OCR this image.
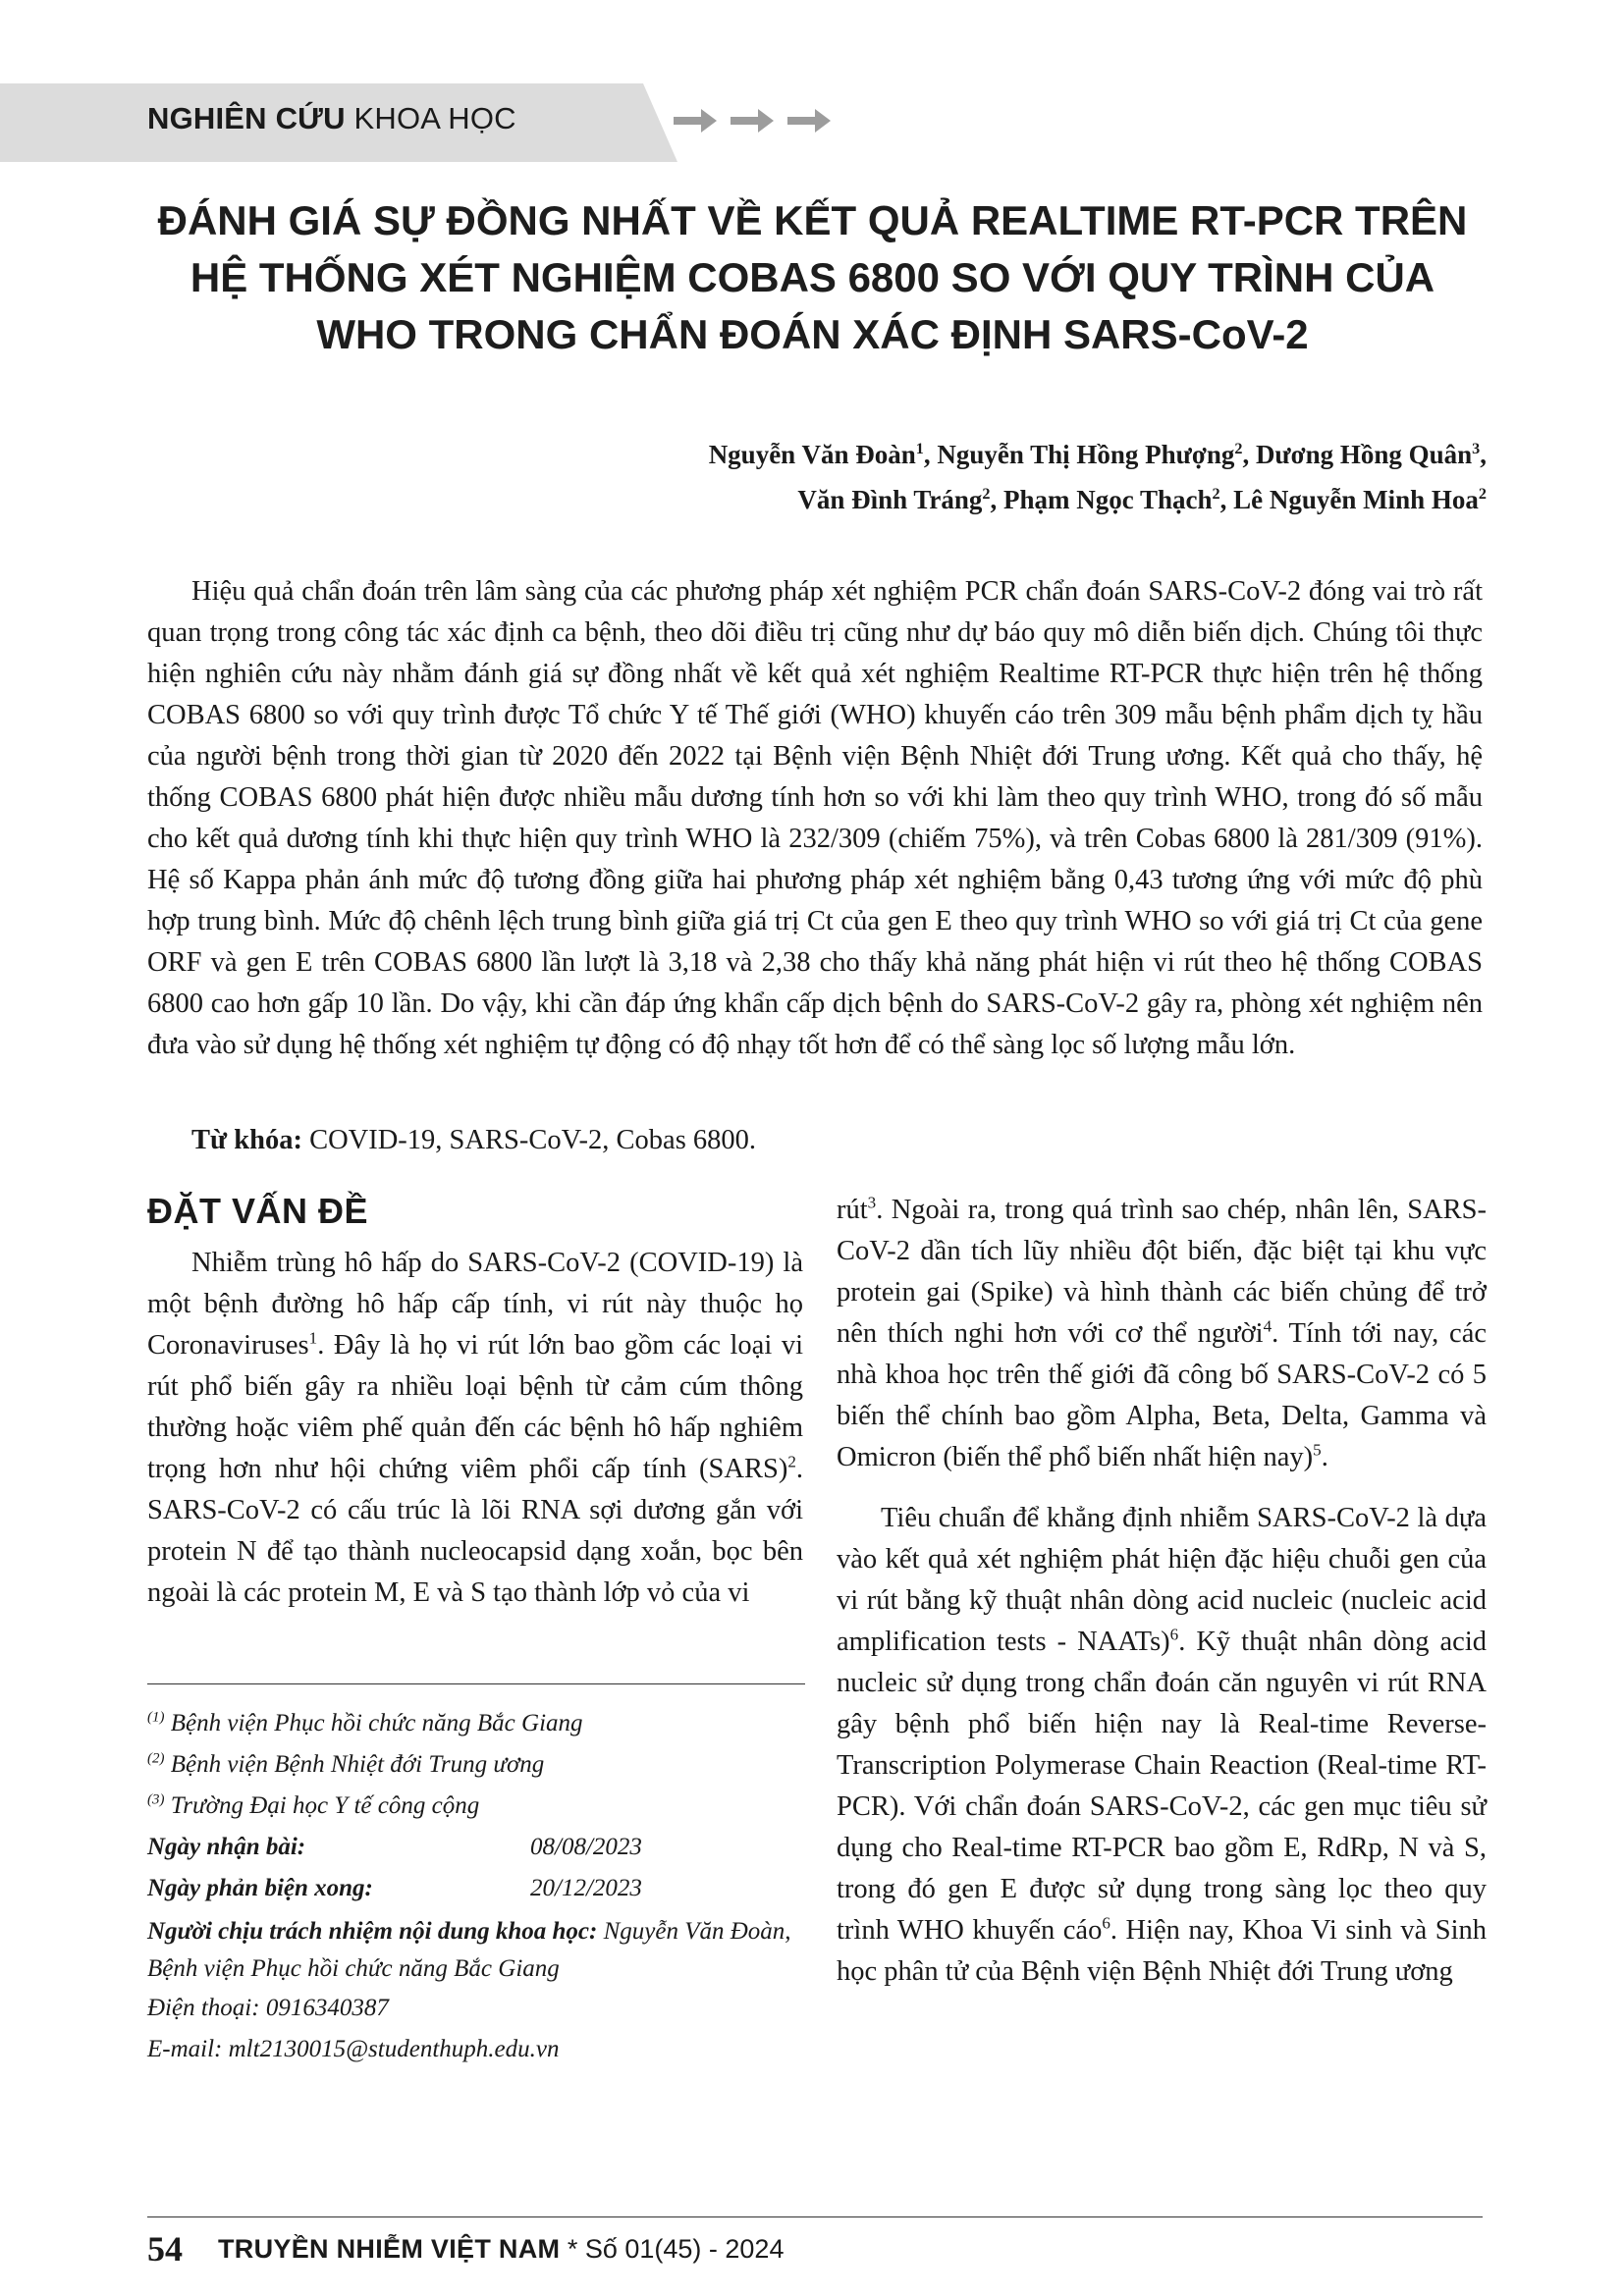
NGHIÊN CỨU KHOA HỌC
ĐÁNH GIÁ SỰ ĐỒNG NHẤT VỀ KẾT QUẢ REALTIME RT-PCR TRÊN
HỆ THỐNG XÉT NGHIỆM COBAS 6800 SO VỚI QUY TRÌNH CỦA
WHO TRONG CHẨN ĐOÁN XÁC ĐỊNH SARS-CoV-2
Nguyễn Văn Đoàn$^1$, Nguyễn Thị Hồng Phượng$^2$, Dương Hồng Quân$^3$,
Văn Đình Tráng$^2$, Phạm Ngọc Thạch$^2$, Lê Nguyễn Minh Hoa$^2$

Hiệu quả chẩn đoán trên lâm sàng của các phương pháp xét nghiệm PCR chẩn đoán SARS-CoV-2 đóng vai trò rất quan trọng trong công tác xác định ca bệnh, theo dõi điều trị cũng như dự báo quy mô diễn biến dịch. Chúng tôi thực hiện nghiên cứu này nhằm đánh giá sự đồng nhất về kết quả xét nghiệm Realtime RT-PCR thực hiện trên hệ thống COBAS 6800 so với quy trình được Tổ chức Y tế Thế giới (WHO) khuyến cáo trên 309 mẫu bệnh phẩm dịch tỵ hầu của người bệnh trong thời gian từ 2020 đến 2022 tại Bệnh viện Bệnh Nhiệt đới Trung ương. Kết quả cho thấy, hệ thống COBAS 6800 phát hiện được nhiều mẫu dương tính hơn so với khi làm theo quy trình WHO, trong đó số mẫu cho kết quả dương tính khi thực hiện quy trình WHO là 232/309 (chiếm 75%), và trên Cobas 6800 là 281/309 (91%). Hệ số Kappa phản ánh mức độ tương đồng giữa hai phương pháp xét nghiệm bằng 0,43 tương ứng với mức độ phù hợp trung bình. Mức độ chênh lệch trung bình giữa giá trị Ct của gen E theo quy trình WHO so với giá trị Ct của gene ORF và gen E trên COBAS 6800 lần lượt là 3,18 và 2,38 cho thấy khả năng phát hiện vi rút theo hệ thống COBAS 6800 cao hơn gấp 10 lần. Do vậy, khi cần đáp ứng khẩn cấp dịch bệnh do SARS-CoV-2 gây ra, phòng xét nghiệm nên đưa vào sử dụng hệ thống xét nghiệm tự động có độ nhạy tốt hơn để có thể sàng lọc số lượng mẫu lớn.

Từ khóa: COVID-19, SARS-CoV-2, Cobas 6800.
ĐẶT VẤN ĐỀ

Nhiễm trùng hô hấp do SARS-CoV-2 (COVID-19) là một bệnh đường hô hấp cấp tính, vi rút này thuộc họ Coronaviruses$^1$. Đây là họ vi rút lớn bao gồm các loại vi rút phổ biến gây ra nhiều loại bệnh từ cảm cúm thông thường hoặc viêm phế quản đến các bệnh hô hấp nghiêm trọng hơn như hội chứng viêm phổi cấp tính (SARS)$^2$. SARS-CoV-2 có cấu trúc là lõi RNA sợi dương gắn với protein N để tạo thành nucleocapsid dạng xoắn, bọc bên ngoài là các protein M, E và S tạo thành lớp vỏ của vi

$^{(1)}$ Bệnh viện Phục hồi chức năng Bắc Giang
$^{(2)}$ Bệnh viện Bệnh Nhiệt đới Trung ương
$^{(3)}$ Trường Đại học Y tế công cộng
Ngày nhận bài:	08/08/2023
Ngày phản biện xong:	20/12/2023
Người chịu trách nhiệm nội dung khoa học: Nguyễn Văn Đoàn, Bệnh viện Phục hồi chức năng Bắc Giang
Điện thoại: 0916340387
E-mail: mlt2130015@studenthuph.edu.vn

rút$^3$. Ngoài ra, trong quá trình sao chép, nhân lên, SARS-CoV-2 dần tích lũy nhiều đột biến, đặc biệt tại khu vực protein gai (Spike) và hình thành các biến chủng để trở nên thích nghi hơn với cơ thể người$^4$. Tính tới nay, các nhà khoa học trên thế giới đã công bố SARS-CoV-2 có 5 biến thể chính bao gồm Alpha, Beta, Delta, Gamma và Omicron (biến thể phổ biến nhất hiện nay)$^5$.

Tiêu chuẩn để khẳng định nhiễm SARS-CoV-2 là dựa vào kết quả xét nghiệm phát hiện đặc hiệu chuỗi gen của vi rút bằng kỹ thuật nhân dòng acid nucleic (nucleic acid amplification tests - NAATs)$^6$. Kỹ thuật nhân dòng acid nucleic sử dụng trong chẩn đoán căn nguyên vi rút RNA gây bệnh phổ biến hiện nay là Real-time Reverse-Transcription Polymerase Chain Reaction (Real-time RT-PCR). Với chẩn đoán SARS-CoV-2, các gen mục tiêu sử dụng cho Real-time RT-PCR bao gồm E, RdRp, N và S, trong đó gen E được sử dụng trong sàng lọc theo quy trình WHO khuyến cáo$^6$. Hiện nay, Khoa Vi sinh và Sinh học phân tử của Bệnh viện Bệnh Nhiệt đới Trung ương

54 TRUYỀN NHIỄM VIỆT NAM * Số 01(45) - 2024
